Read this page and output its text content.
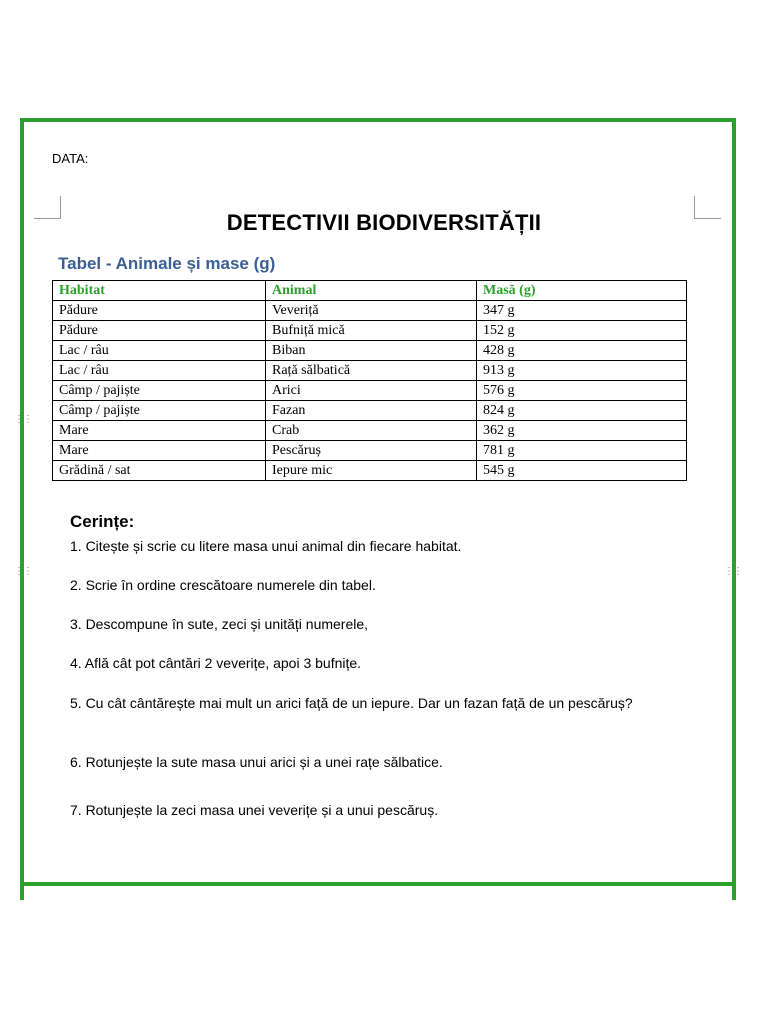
DATA:
DETECTIVII BIODIVERSITĂȚII
Tabel - Animale și mase (g)
Habitat	Animal	Masă (g)
Pădure	Veveriță	347 g
Pădure	Bufniță mică	152 g
Lac / râu	Biban	428 g
Lac / râu	Rață sălbatică	913 g
Câmp / pajiște	Arici	576 g
Câmp / pajiște	Fazan	824 g
Mare	Crab	362 g
Mare	Pescăruș	781 g
Grădină / sat	Iepure mic	545 g
⋮⋮
⋮⋮	⋮⋮
Cerințe:
1. Citește și scrie cu litere masa unui animal din fiecare habitat.
2. Scrie în ordine crescătoare numerele din tabel.
3. Descompune în sute, zeci și unități numerele,
4. Află cât pot cântări 2 veverițe, apoi 3 bufnițe.
5. Cu cât cântărește mai mult un arici față de un iepure. Dar un fazan față de un pescăruș?
6. Rotunjește la sute masa unui arici și a unei rațe sălbatice.
7. Rotunjește la zeci masa unei veverițe și a unui pescăruș.
